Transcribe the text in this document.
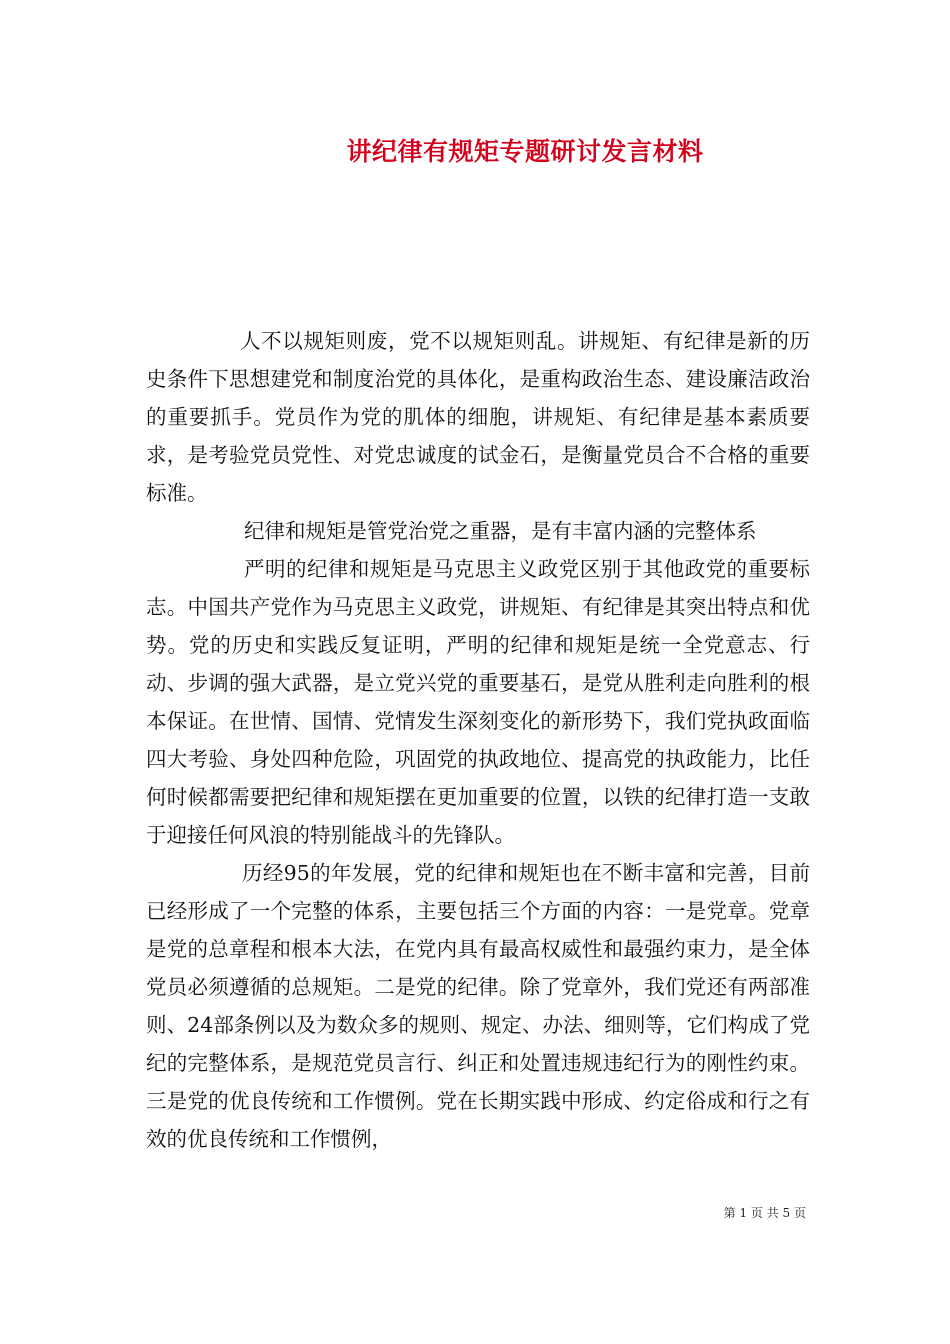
讲纪律有规矩专题研讨发言材料

人不以规矩则废，党不以规矩则乱。讲规矩、有纪律是新的历史条件下思想建党和制度治党的具体化，是重构政治生态、建设廉洁政治的重要抓手。党员作为党的肌体的细胞，讲规矩、有纪律是基本素质要求，是考验党员党性、对党忠诚度的试金石，是衡量党员合不合格的重要标准。

纪律和规矩是管党治党之重器，是有丰富内涵的完整体系

严明的纪律和规矩是马克思主义政党区别于其他政党的重要标志。中国共产党作为马克思主义政党，讲规矩、有纪律是其突出特点和优势。党的历史和实践反复证明，严明的纪律和规矩是统一全党意志、行动、步调的强大武器，是立党兴党的重要基石，是党从胜利走向胜利的根本保证。在世情、国情、党情发生深刻变化的新形势下，我们党执政面临四大考验、身处四种危险，巩固党的执政地位、提高党的执政能力，比任何时候都需要把纪律和规矩摆在更加重要的位置，以铁的纪律打造一支敢于迎接任何风浪的特别能战斗的先锋队。

历经95的年发展，党的纪律和规矩也在不断丰富和完善，目前已经形成了一个完整的体系，主要包括三个方面的内容：一是党章。党章是党的总章程和根本大法，在党内具有最高权威性和最强约束力，是全体党员必须遵循的总规矩。二是党的纪律。除了党章外，我们党还有两部准则、24部条例以及为数众多的规则、规定、办法、细则等，它们构成了党纪的完整体系，是规范党员言行、纠正和处置违规违纪行为的刚性约束。三是党的优良传统和工作惯例。党在长期实践中形成、约定俗成和行之有效的优良传统和工作惯例，

第 1 页 共 5 页
